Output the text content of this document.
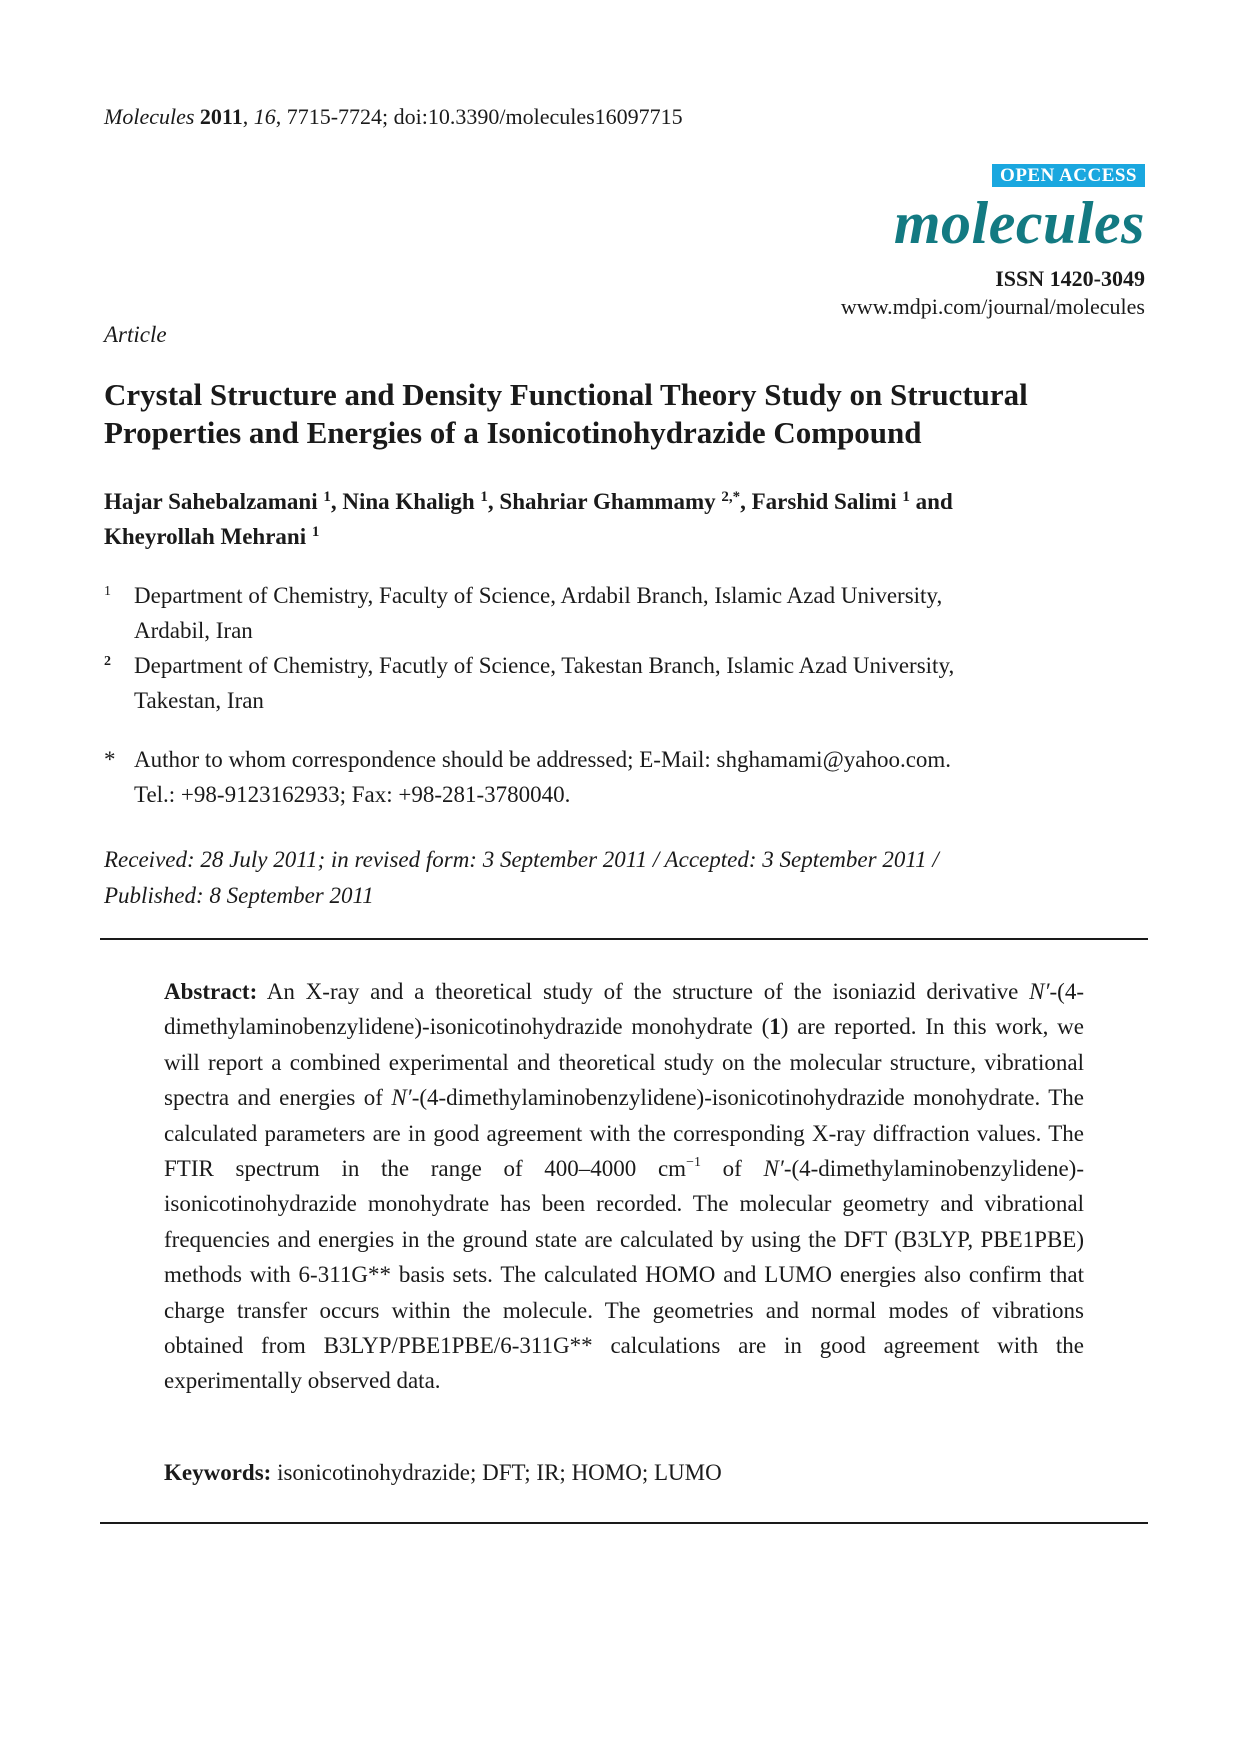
Molecules 2011, 16, 7715-7724; doi:10.3390/molecules16097715
OPEN ACCESS
molecules
ISSN 1420-3049
www.mdpi.com/journal/molecules
Article
Crystal Structure and Density Functional Theory Study on Structural Properties and Energies of a Isonicotinohydrazide Compound
Hajar Sahebalzamani $^1$, Nina Khaligh $^1$, Shahriar Ghammamy $^{2,*}$, Farshid Salimi $^1$ and
Kheyrollah Mehrani $^1$
1 Department of Chemistry, Faculty of Science, Ardabil Branch, Islamic Azad University,
Ardabil, Iran
2 Department of Chemistry, Facutly of Science, Takestan Branch, Islamic Azad University,
Takestan, Iran
* Author to whom correspondence should be addressed; E-Mail: shghamami@yahoo.com.
Tel.: +98-9123162933; Fax: +98-281-3780040.
Received: 28 July 2011; in revised form: 3 September 2011 / Accepted: 3 September 2011 /
Published: 8 September 2011
Abstract: An X-ray and a theoretical study of the structure of the isoniazid derivative N′-(4-dimethylaminobenzylidene)-isonicotinohydrazide monohydrate (1) are reported. In this work, we will report a combined experimental and theoretical study on the molecular structure, vibrational spectra and energies of N′-(4-dimethylaminobenzylidene)-isonicotinohydrazide monohydrate. The calculated parameters are in good agreement with the corresponding X-ray diffraction values. The FTIR spectrum in the range of 400–4000 $cm^{-1}$ of N′-(4-dimethylaminobenzylidene)-isonicotinohydrazide monohydrate has been recorded. The molecular geometry and vibrational frequencies and energies in the ground state are calculated by using the DFT (B3LYP, PBE1PBE) methods with 6-311G** basis sets. The calculated HOMO and LUMO energies also confirm that charge transfer occurs within the molecule. The geometries and normal modes of vibrations obtained from B3LYP/PBE1PBE/6-311G** calculations are in good agreement with the experimentally observed data.
Keywords: isonicotinohydrazide; DFT; IR; HOMO; LUMO
